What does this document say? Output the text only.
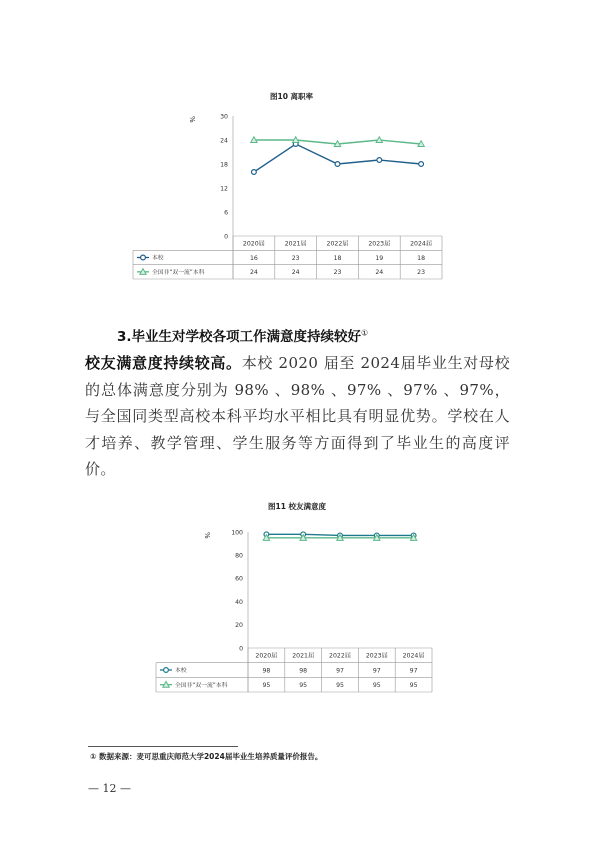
图10 离职率
%
0
6
12
18
24
30
2020届	2021届	2022届	2023届	2024届
本校	16	23	18	19	18
全国非“双一流”本科	24	24	23	24	23
3.毕业生对学校各项工作满意度持续较好①
校友满意度持续较高。本校 2020 届至 2024届毕业生对母校的总体满意度分别为 98% 、98% 、97% 、97% 、97%，与全国同类型高校本科平均水平相比具有明显优势。学校在人才培养、教学管理、学生服务等方面得到了毕业生的高度评价。
图11 校友满意度
%
0
20
40
60
80
100
2020届 2021届 2022届 2023届 2024届
本校	98	98	97	97	97
全国非“双一流”本科	95	95	95	95	95
① 数据来源：麦可思重庆师范大学2024届毕业生培养质量评价报告。
— 12 —
